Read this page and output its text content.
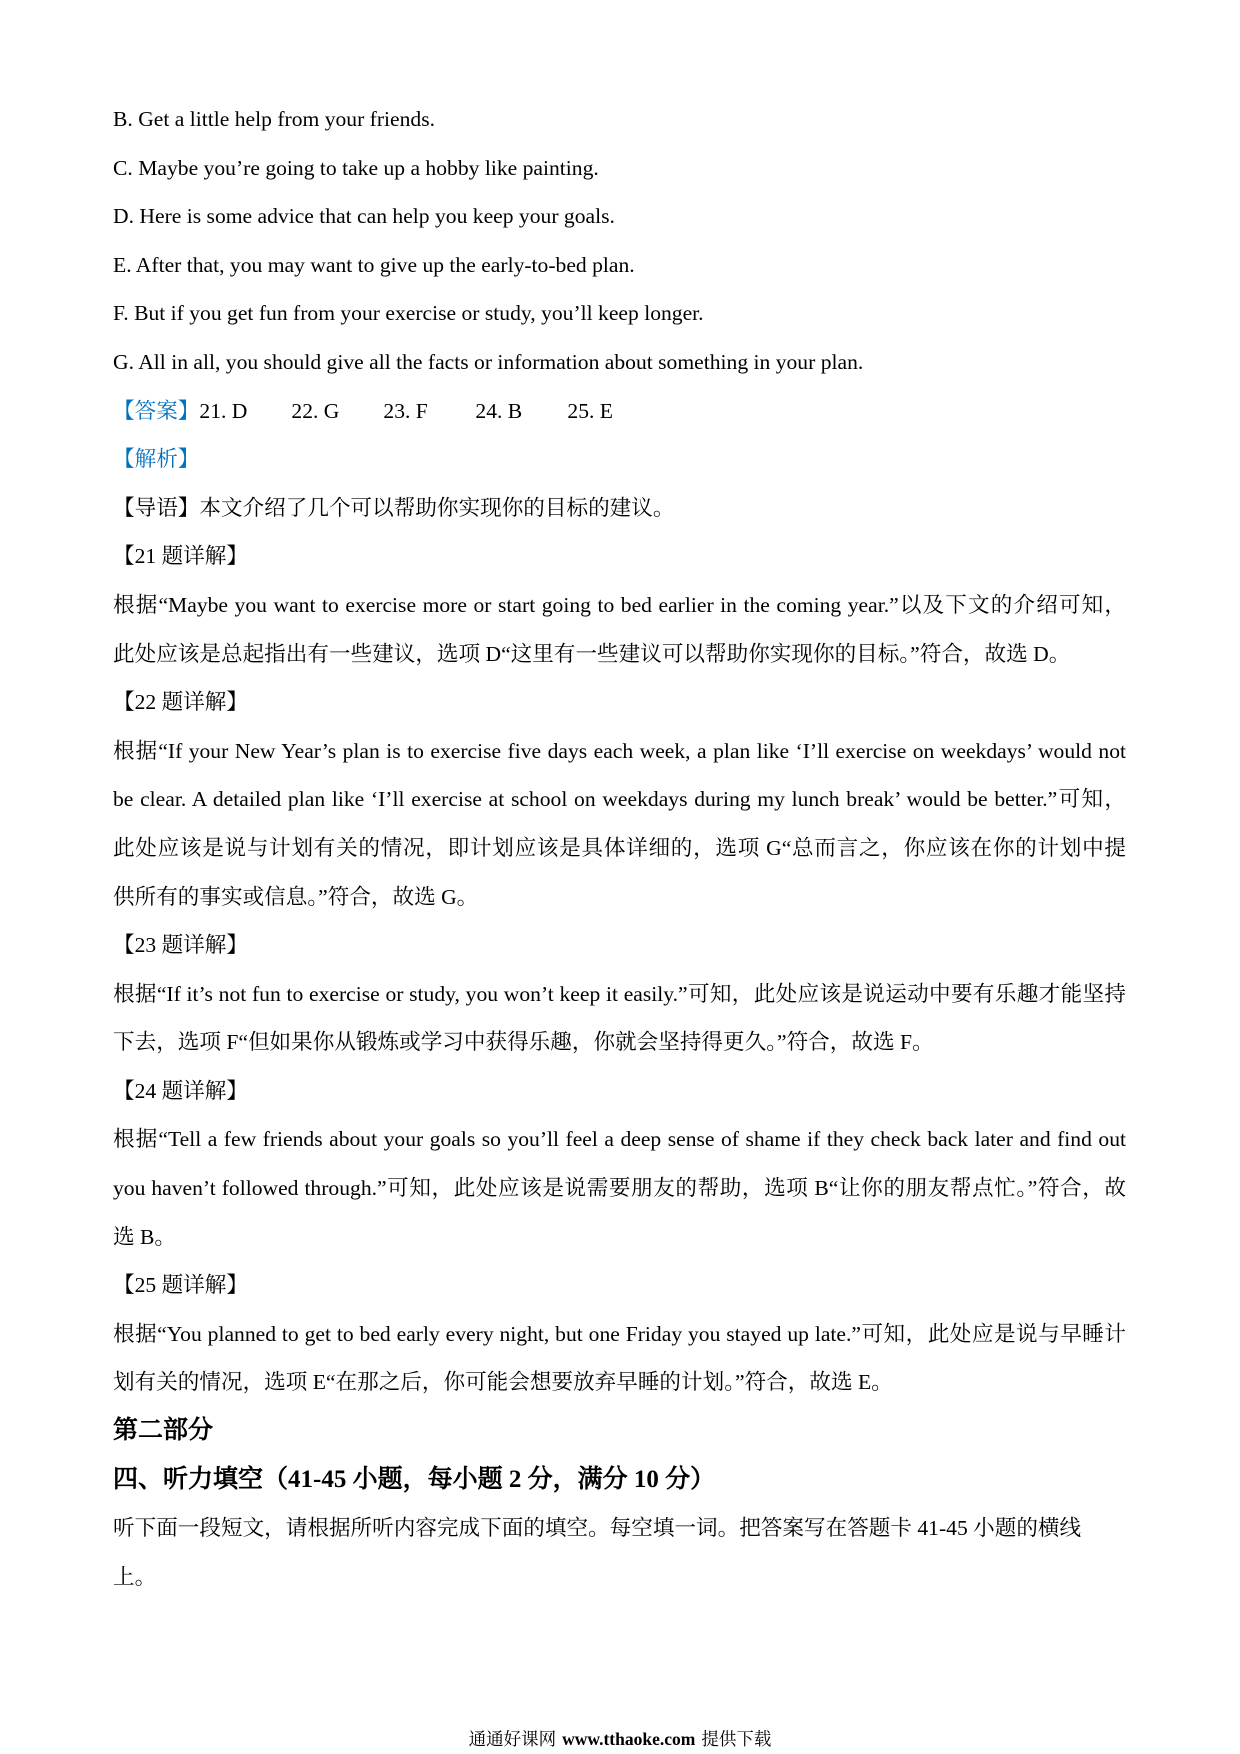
B. Get a little help from your friends.
C. Maybe you’re going to take up a hobby like painting.
D. Here is some advice that can help you keep your goals.
E. After that, you may want to give up the early-to-bed plan.
F. But if you get fun from your exercise or study, you’ll keep longer.
G. All in all, you should give all the facts or information about something in your plan.
【答案】21. D 22. G 23. F 24. B 25. E
【解析】
【导语】本文介绍了几个可以帮助你实现你的目标的建议。
【21 题详解】
根据“Maybe you want to exercise more or start going to bed earlier in the coming year.”以及下文的介绍可知，
此处应该是总起指出有一些建议，选项 D“这里有一些建议可以帮助你实现你的目标。”符合，故选 D。
【22 题详解】
根据“If your New Year’s plan is to exercise five days each week, a plan like ‘I’ll exercise on weekdays’ would not
be clear. A detailed plan like ‘I’ll exercise at school on weekdays during my lunch break’ would be better.”可知，
此处应该是说与计划有关的情况，即计划应该是具体详细的，选项 G“总而言之，你应该在你的计划中提
供所有的事实或信息。”符合，故选 G。
【23 题详解】
根据“If it’s not fun to exercise or study, you won’t keep it easily.”可知，此处应该是说运动中要有乐趣才能坚持
下去，选项 F“但如果你从锻炼或学习中获得乐趣，你就会坚持得更久。”符合，故选 F。
【24 题详解】
根据“Tell a few friends about your goals so you’ll feel a deep sense of shame if they check back later and find out
you haven’t followed through.”可知，此处应该是说需要朋友的帮助，选项 B“让你的朋友帮点忙。”符合，故
选 B。
【25 题详解】
根据“You planned to get to bed early every night, but one Friday you stayed up late.”可知，此处应是说与早睡计
划有关的情况，选项 E“在那之后，你可能会想要放弃早睡的计划。”符合，故选 E。
第二部分
四、听力填空（41-45 小题，每小题 2 分，满分 10 分）
听下面一段短文，请根据所听内容完成下面的填空。每空填一词。把答案写在答题卡 41-45 小题的横线
上。
通通好课网 www.tthaoke.com 提供下载
